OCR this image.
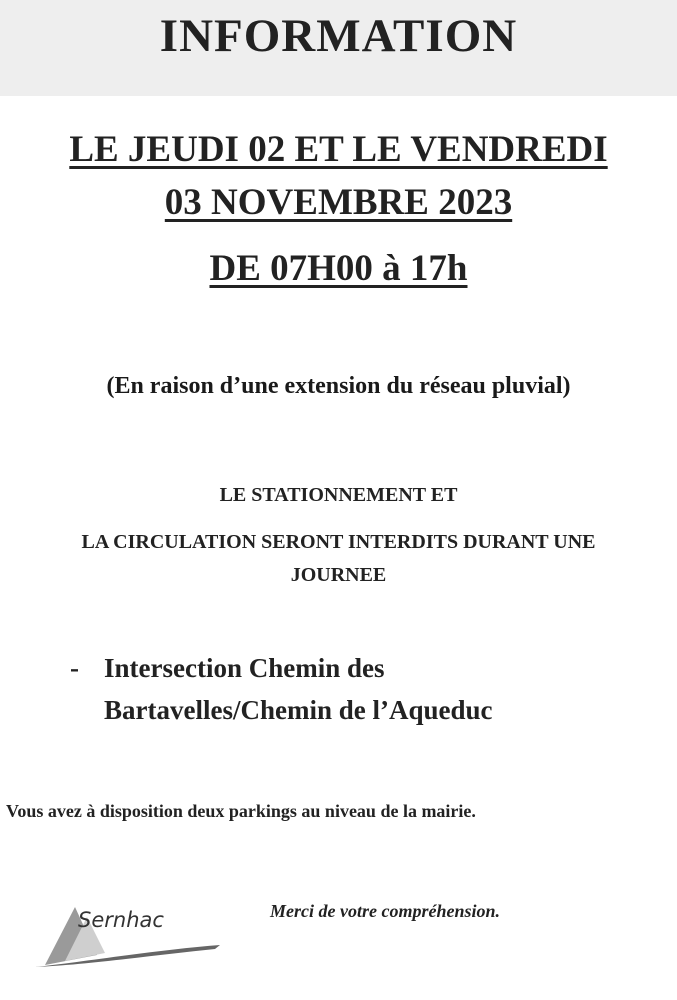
INFORMATION
LE JEUDI 02 ET LE VENDREDI
03 NOVEMBRE 2023
DE 07H00 à 17h
(En raison d’une extension du réseau pluvial)
LE STATIONNEMENT ET
LA CIRCULATION SERONT INTERDITS DURANT UNE
JOURNEE
- Intersection Chemin des
Bartavelles/Chemin de l’Aqueduc
Vous avez à disposition deux parkings au niveau de la mairie.
Merci de votre compréhension.
Sernhac
